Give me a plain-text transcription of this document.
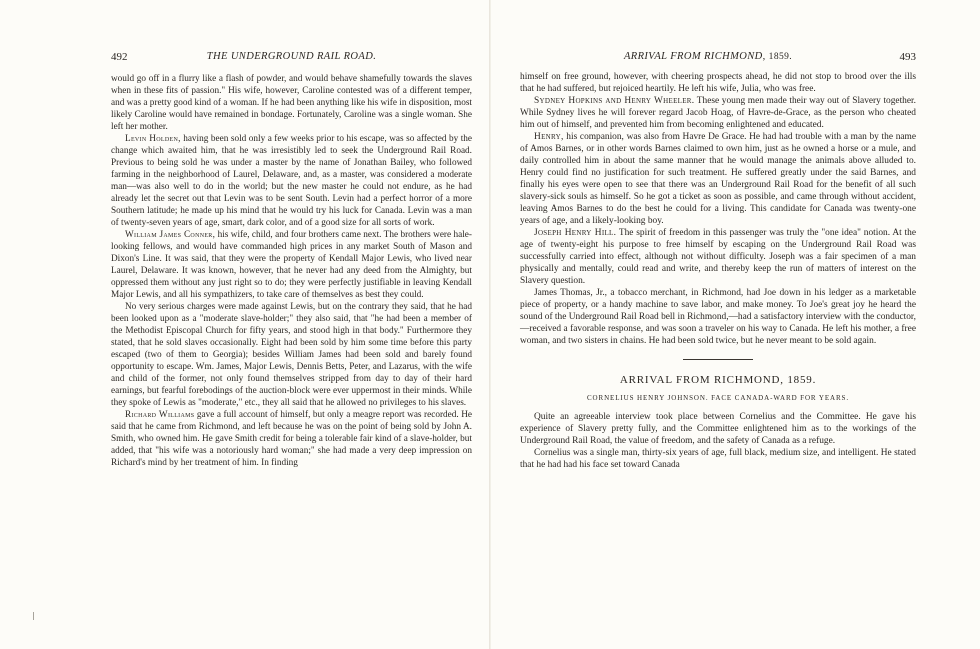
492	THE UNDERGROUND RAIL ROAD.

would go off in a flurry like a flash of powder, and would behave shamefully towards the slaves when in these fits of passion." His wife, however, Caroline contested was of a different temper, and was a pretty good kind of a woman. If he had been anything like his wife in disposition, most likely Caroline would have remained in bondage. Fortunately, Caroline was a single woman. She left her mother.

Levin Holden, having been sold only a few weeks prior to his escape, was so affected by the change which awaited him, that he was irresistibly led to seek the Underground Rail Road. Previous to being sold he was under a master by the name of Jonathan Bailey, who followed farming in the neighborhood of Laurel, Delaware, and, as a master, was considered a moderate man—was also well to do in the world; but the new master he could not endure, as he had already let the secret out that Levin was to be sent South. Levin had a perfect horror of a more Southern latitude; he made up his mind that he would try his luck for Canada. Levin was a man of twenty-seven years of age, smart, dark color, and of a good size for all sorts of work.

William James Conner, his wife, child, and four brothers came next. The brothers were hale-looking fellows, and would have commanded high prices in any market South of Mason and Dixon's Line. It was said, that they were the property of Kendall Major Lewis, who lived near Laurel, Delaware. It was known, however, that he never had any deed from the Almighty, but oppressed them without any just right so to do; they were perfectly justifiable in leaving Kendall Major Lewis, and all his sympathizers, to take care of themselves as best they could.

No very serious charges were made against Lewis, but on the contrary they said, that he had been looked upon as a "moderate slave-holder;" they also said, that "he had been a member of the Methodist Episcopal Church for fifty years, and stood high in that body." Furthermore they stated, that he sold slaves occasionally. Eight had been sold by him some time before this party escaped (two of them to Georgia); besides William James had been sold and barely found opportunity to escape. Wm. James, Major Lewis, Dennis Betts, Peter, and Lazarus, with the wife and child of the former, not only found themselves stripped from day to day of their hard earnings, but fearful forebodings of the auction-block were ever uppermost in their minds. While they spoke of Lewis as "moderate," etc., they all said that he allowed no privileges to his slaves.

Richard Williams gave a full account of himself, but only a meagre report was recorded. He said that he came from Richmond, and left because he was on the point of being sold by John A. Smith, who owned him. He gave Smith credit for being a tolerable fair kind of a slave-holder, but added, that "his wife was a notoriously hard woman;" she had made a very deep impression on Richard's mind by her treatment of him. In finding

ARRIVAL FROM RICHMOND, 1859.	493

himself on free ground, however, with cheering prospects ahead, he did not stop to brood over the ills that he had suffered, but rejoiced heartily. He left his wife, Julia, who was free.

Sydney Hopkins and Henry Wheeler. These young men made their way out of Slavery together. While Sydney lives he will forever regard Jacob Hoag, of Havre-de-Grace, as the person who cheated him out of himself, and prevented him from becoming enlightened and educated.

Henry, his companion, was also from Havre De Grace. He had had trouble with a man by the name of Amos Barnes, or in other words Barnes claimed to own him, just as he owned a horse or a mule, and daily controlled him in about the same manner that he would manage the animals above alluded to. Henry could find no justification for such treatment. He suffered greatly under the said Barnes, and finally his eyes were open to see that there was an Underground Rail Road for the benefit of all such slavery-sick souls as himself. So he got a ticket as soon as possible, and came through without accident, leaving Amos Barnes to do the best he could for a living. This candidate for Canada was twenty-one years of age, and a likely-looking boy.

Joseph Henry Hill. The spirit of freedom in this passenger was truly the "one idea" notion. At the age of twenty-eight his purpose to free himself by escaping on the Underground Rail Road was successfully carried into effect, although not without difficulty. Joseph was a fair specimen of a man physically and mentally, could read and write, and thereby keep the run of matters of interest on the Slavery question.

James Thomas, Jr., a tobacco merchant, in Richmond, had Joe down in his ledger as a marketable piece of property, or a handy machine to save labor, and make money. To Joe's great joy he heard the sound of the Underground Rail Road bell in Richmond,—had a satisfactory interview with the conductor,—received a favorable response, and was soon a traveler on his way to Canada. He left his mother, a free woman, and two sisters in chains. He had been sold twice, but he never meant to be sold again.

ARRIVAL FROM RICHMOND, 1859.
CORNELIUS HENRY JOHNSON. FACE CANADA-WARD FOR YEARS.

Quite an agreeable interview took place between Cornelius and the Committee. He gave his experience of Slavery pretty fully, and the Committee enlightened him as to the workings of the Underground Rail Road, the value of freedom, and the safety of Canada as a refuge.

Cornelius was a single man, thirty-six years of age, full black, medium size, and intelligent. He stated that he had had his face set toward Canada
